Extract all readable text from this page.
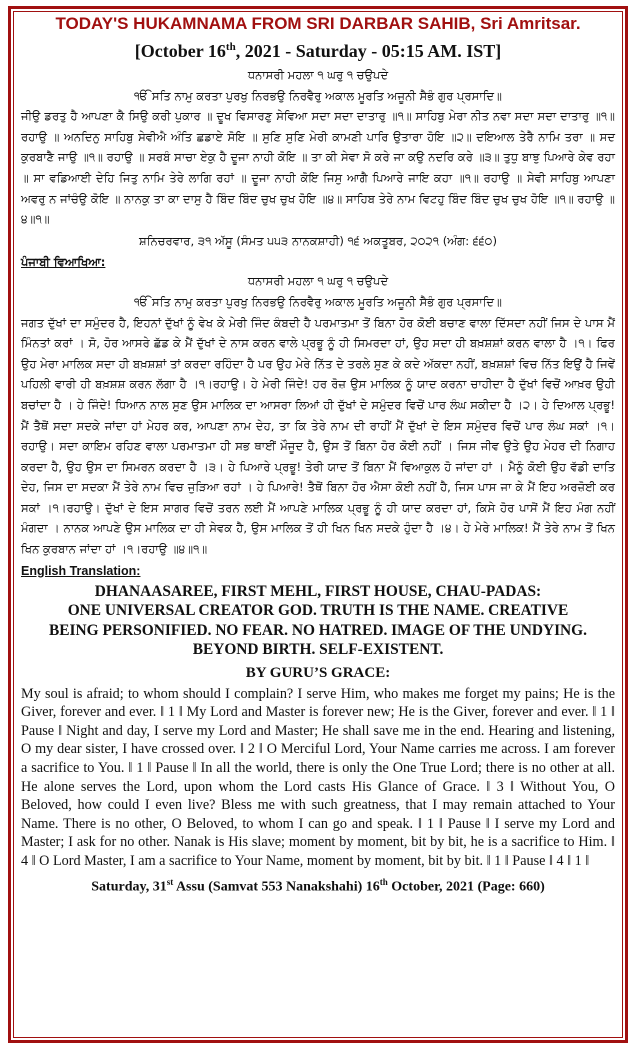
TODAY'S HUKAMNAMA FROM SRI DARBAR SAHIB, Sri Amritsar.

[October 16th, 2021 - Saturday - 05:15 AM. IST]

ਧਨਾਸਰੀ ਮਹਲਾ ੧ ਘਰੁ ੧ ਚਉਪਦੇ

ੴ ਸਤਿ ਨਾਮੁ ਕਰਤਾ ਪੁਰਖੁ ਨਿਰਭਉ ਨਿਰਵੈਰੁ ਅਕਾਲ ਮੂਰਤਿ ਅਜੂਨੀ ਸੈਭੰ ਗੁਰ ਪ੍ਰਸਾਦਿ॥

ਜੀਉ ਡਰਤੁ ਹੈ ਆਪਣਾ ਕੈ ਸਿਉ ਕਰੀ ਪੁਕਾਰ ॥ ਦੂਖ ਵਿਸਾਰਣੁ ਸੇਵਿਆ ਸਦਾ ਸਦਾ ਦਾਤਾਰੁ ॥੧॥ ਸਾਹਿਬੁ ਮੇਰਾ ਨੀਤ ਨਵਾ ਸਦਾ ਸਦਾ ਦਾਤਾਰੁ ॥੧॥ ਰਹਾਉ ॥ ਅਨਦਿਨੁ ਸਾਹਿਬੁ ਸੇਵੀਐ ਅੰਤਿ ਛਡਾਏ ਸੋਇ ॥ ਸੁਣਿ ਸੁਣਿ ਮੇਰੀ ਕਾਮਣੀ ਪਾਰਿ ਉਤਾਰਾ ਹੋਇ ॥੨॥ ਦਇਆਲ ਤੇਰੈ ਨਾਮਿ ਤਰਾ ॥ ਸਦ ਕੁਰਬਾਣੈ ਜਾਉ ॥੧॥ ਰਹਾਉ ॥ ਸਰਬੰ ਸਾਚਾ ਏਕੁ ਹੈ ਦੂਜਾ ਨਾਹੀ ਕੋਇ ॥ ਤਾ ਕੀ ਸੇਵਾ ਸੋ ਕਰੇ ਜਾ ਕਉ ਨਦਰਿ ਕਰੇ ॥੩॥ ਤੁਧੁ ਬਾਝੁ ਪਿਆਰੇ ਕੇਵ ਰਹਾ ॥ ਸਾ ਵਡਿਆਈ ਦੇਹਿ ਜਿਤੁ ਨਾਮਿ ਤੇਰੇ ਲਾਗਿ ਰਹਾਂ ॥ ਦੂਜਾ ਨਾਹੀ ਕੋਇ ਜਿਸੁ ਆਗੈ ਪਿਆਰੇ ਜਾਇ ਕਹਾ ॥੧॥ ਰਹਾਉ ॥ ਸੇਵੀ ਸਾਹਿਬੁ ਆਪਣਾ ਅਵਰੁ ਨ ਜਾਂਚੰਉ ਕੋਇ ॥ ਨਾਨਕੁ ਤਾ ਕਾ ਦਾਸੁ ਹੈ ਬਿੰਦ ਬਿੰਦ ਚੁਖ ਚੁਖ ਹੋਇ ॥੪॥ ਸਾਹਿਬ ਤੇਰੇ ਨਾਮ ਵਿਟਹੁ ਬਿੰਦ ਬਿੰਦ ਚੁਖ ਚੁਖ ਹੋਇ ॥੧॥ ਰਹਾਉ ॥੪॥੧॥

ਸ਼ਨਿਚਰਵਾਰ, ੩੧ ਅੱਸੂ (ਸੰਮਤ ੫੫੩ ਨਾਨਕਸ਼ਾਹੀ) ੧੬ ਅਕਤੂਬਰ, ੨੦੨੧ (ਅੰਗ: ੬੬੦)

ਪੰਜਾਬੀ ਵਿਆਖਿਆ:

ਧਨਾਸਰੀ ਮਹਲਾ ੧ ਘਰੁ ੧ ਚਉਪਦੇ

ੴ ਸਤਿ ਨਾਮੁ ਕਰਤਾ ਪੁਰਖੁ ਨਿਰਭਉ ਨਿਰਵੈਰੁ ਅਕਾਲ ਮੂਰਤਿ ਅਜੂਨੀ ਸੈਭੰ ਗੁਰ ਪ੍ਰਸਾਦਿ॥

ਜਗਤ ਦੁੱਖਾਂ ਦਾ ਸਮੁੰਦਰ ਹੈ, ਇਹਨਾਂ ਦੁੱਖਾਂ ਨੂੰ ਵੇਖ ਕੇ ਮੇਰੀ ਜਿੰਦ ਕੰਬਦੀ ਹੈ ਪਰਮਾਤਮਾ ਤੋਂ ਬਿਨਾ ਹੋਰ ਕੋਈ ਬਚਾਣ ਵਾਲਾ ਦਿੱਸਦਾ ਨਹੀਂ ਜਿਸ ਦੇ ਪਾਸ ਮੈਂ ਮਿੰਨਤਾਂ ਕਰਾਂ । ਸੋ, ਹੋਰ ਆਸਰੇ ਛੱਡ ਕੇ ਮੈਂ ਦੁੱਖਾਂ ਦੇ ਨਾਸ ਕਰਨ ਵਾਲੇ ਪ੍ਰਭੂ ਨੂੰ ਹੀ ਸਿਮਰਦਾ ਹਾਂ, ਉਹ ਸਦਾ ਹੀ ਬਖ਼ਸ਼ਸ਼ਾਂ ਕਰਨ ਵਾਲਾ ਹੈ ।੧। ਫਿਰ ਉਹ ਮੇਰਾ ਮਾਲਿਕ ਸਦਾ ਹੀ ਬਖ਼ਸ਼ਸ਼ਾਂ ਤਾਂ ਕਰਦਾ ਰਹਿੰਦਾ ਹੈ ਪਰ ਉਹ ਮੇਰੇ ਨਿੱਤ ਦੇ ਤਰਲੇ ਸੁਣ ਕੇ ਕਦੇ ਅੱਕਦਾ ਨਹੀਂ, ਬਖ਼ਸ਼ਸ਼ਾਂ ਵਿਚ ਨਿੱਤ ਇਉਂ ਹੈ ਜਿਵੇਂ ਪਹਿਲੀ ਵਾਰੀ ਹੀ ਬਖ਼ਸ਼ਸ਼ ਕਰਨ ਲੱਗਾ ਹੈ ।੧।ਰਹਾਉ। ਹੇ ਮੇਰੀ ਜਿੰਦੇ! ਹਰ ਰੋਜ਼ ਉਸ ਮਾਲਿਕ ਨੂੰ ਯਾਦ ਕਰਨਾ ਚਾਹੀਦਾ ਹੈ ਦੁੱਖਾਂ ਵਿਚੋਂ ਆਖ਼ਰ ਉਹੀ ਬਚਾਂਦਾ ਹੈ । ਹੇ ਜਿੰਦੇ! ਧਿਆਨ ਨਾਲ ਸੁਣ ਉਸ ਮਾਲਿਕ ਦਾ ਆਸਰਾ ਲਿਆਂ ਹੀ ਦੁੱਖਾਂ ਦੇ ਸਮੁੰਦਰ ਵਿਚੋਂ ਪਾਰ ਲੰਘ ਸਕੀਦਾ ਹੈ ।੨। ਹੇ ਦਿਆਲ ਪ੍ਰਭੂ! ਮੈਂ ਤੈਥੋਂ ਸਦਾ ਸਦਕੇ ਜਾਂਦਾ ਹਾਂ ਮੇਹਰ ਕਰ, ਆਪਣਾ ਨਾਮ ਦੇਹ, ਤਾ ਕਿ ਤੇਰੇ ਨਾਮ ਦੀ ਰਾਹੀਂ ਮੈਂ ਦੁੱਖਾਂ ਦੇ ਇਸ ਸਮੁੰਦਰ ਵਿਚੋਂ ਪਾਰ ਲੰਘ ਸਕਾਂ ।੧।ਰਹਾਉ। ਸਦਾ ਕਾਇਮ ਰਹਿਣ ਵਾਲਾ ਪਰਮਾਤਮਾ ਹੀ ਸਭ ਥਾਈਂ ਮੌਜੂਦ ਹੈ, ਉਸ ਤੋਂ ਬਿਨਾ ਹੋਰ ਕੋਈ ਨਹੀਂ । ਜਿਸ ਜੀਵ ਉਤੇ ਉਹ ਮੇਹਰ ਦੀ ਨਿਗਾਹ ਕਰਦਾ ਹੈ, ਉਹ ਉਸ ਦਾ ਸਿਮਰਨ ਕਰਦਾ ਹੈ ।੩। ਹੇ ਪਿਆਰੇ ਪ੍ਰਭੂ! ਤੇਰੀ ਯਾਦ ਤੋਂ ਬਿਨਾ ਮੈਂ ਵਿਆਕੁਲ ਹੋ ਜਾਂਦਾ ਹਾਂ । ਮੈਨੂੰ ਕੋਈ ਉਹ ਵੱਡੀ ਦਾਤਿ ਦੇਹ, ਜਿਸ ਦਾ ਸਦਕਾ ਮੈਂ ਤੇਰੇ ਨਾਮ ਵਿਚ ਜੁੜਿਆ ਰਹਾਂ । ਹੇ ਪਿਆਰੇ! ਤੈਥੋਂ ਬਿਨਾ ਹੋਰ ਐਸਾ ਕੋਈ ਨਹੀਂ ਹੈ, ਜਿਸ ਪਾਸ ਜਾ ਕੇ ਮੈਂ ਇਹ ਅਰਜ਼ੋਈ ਕਰ ਸਕਾਂ ।੧।ਰਹਾਉ। ਦੁੱਖਾਂ ਦੇ ਇਸ ਸਾਗਰ ਵਿਚੋਂ ਤਰਨ ਲਈ ਮੈਂ ਆਪਣੇ ਮਾਲਿਕ ਪ੍ਰਭੂ ਨੂੰ ਹੀ ਯਾਦ ਕਰਦਾ ਹਾਂ, ਕਿਸੇ ਹੋਰ ਪਾਸੋਂ ਮੈਂ ਇਹ ਮੰਗ ਨਹੀਂ ਮੰਗਦਾ । ਨਾਨਕ ਆਪਣੇ ਉਸ ਮਾਲਿਕ ਦਾ ਹੀ ਸੇਵਕ ਹੈ, ਉਸ ਮਾਲਿਕ ਤੋਂ ਹੀ ਖਿਨ ਖਿਨ ਸਦਕੇ ਹੁੰਦਾ ਹੈ ।੪। ਹੇ ਮੇਰੇ ਮਾਲਿਕ! ਮੈਂ ਤੇਰੇ ਨਾਮ ਤੋਂ ਖਿਨ ਖਿਨ ਕੁਰਬਾਨ ਜਾਂਦਾ ਹਾਂ ।੧।ਰਹਾਉ ॥੪॥੧॥

English Translation:

DHANAASAREE, FIRST MEHL, FIRST HOUSE, CHAU-PADAS:

ONE UNIVERSAL CREATOR GOD. TRUTH IS THE NAME. CREATIVE

BEING PERSONIFIED. NO FEAR. NO HATRED. IMAGE OF THE UNDYING.

BEYOND BIRTH. SELF-EXISTENT.

BY GURU’S GRACE:

My soul is afraid; to whom should I complain? I serve Him, who makes me forget my pains; He is the Giver, forever and ever. ‖ 1 ‖ My Lord and Master is forever new; He is the Giver, forever and ever. ‖ 1 ‖ Pause ‖ Night and day, I serve my Lord and Master; He shall save me in the end. Hearing and listening, O my dear sister, I have crossed over. ‖ 2 ‖ O Merciful Lord, Your Name carries me across. I am forever a sacrifice to You. ‖ 1 ‖ Pause ‖ In all the world, there is only the One True Lord; there is no other at all. He alone serves the Lord, upon whom the Lord casts His Glance of Grace. ‖ 3 ‖ Without You, O Beloved, how could I even live? Bless me with such greatness, that I may remain attached to Your Name. There is no other, O Beloved, to whom I can go and speak. ‖ 1 ‖ Pause ‖ I serve my Lord and Master; I ask for no other. Nanak is His slave; moment by moment, bit by bit, he is a sacrifice to Him. ‖ 4 ‖ O Lord Master, I am a sacrifice to Your Name, moment by moment, bit by bit. ‖ 1 ‖ Pause ‖ 4 ‖ 1 ‖

Saturday, 31st Assu (Samvat 553 Nanakshahi) 16th October, 2021 (Page: 660)
